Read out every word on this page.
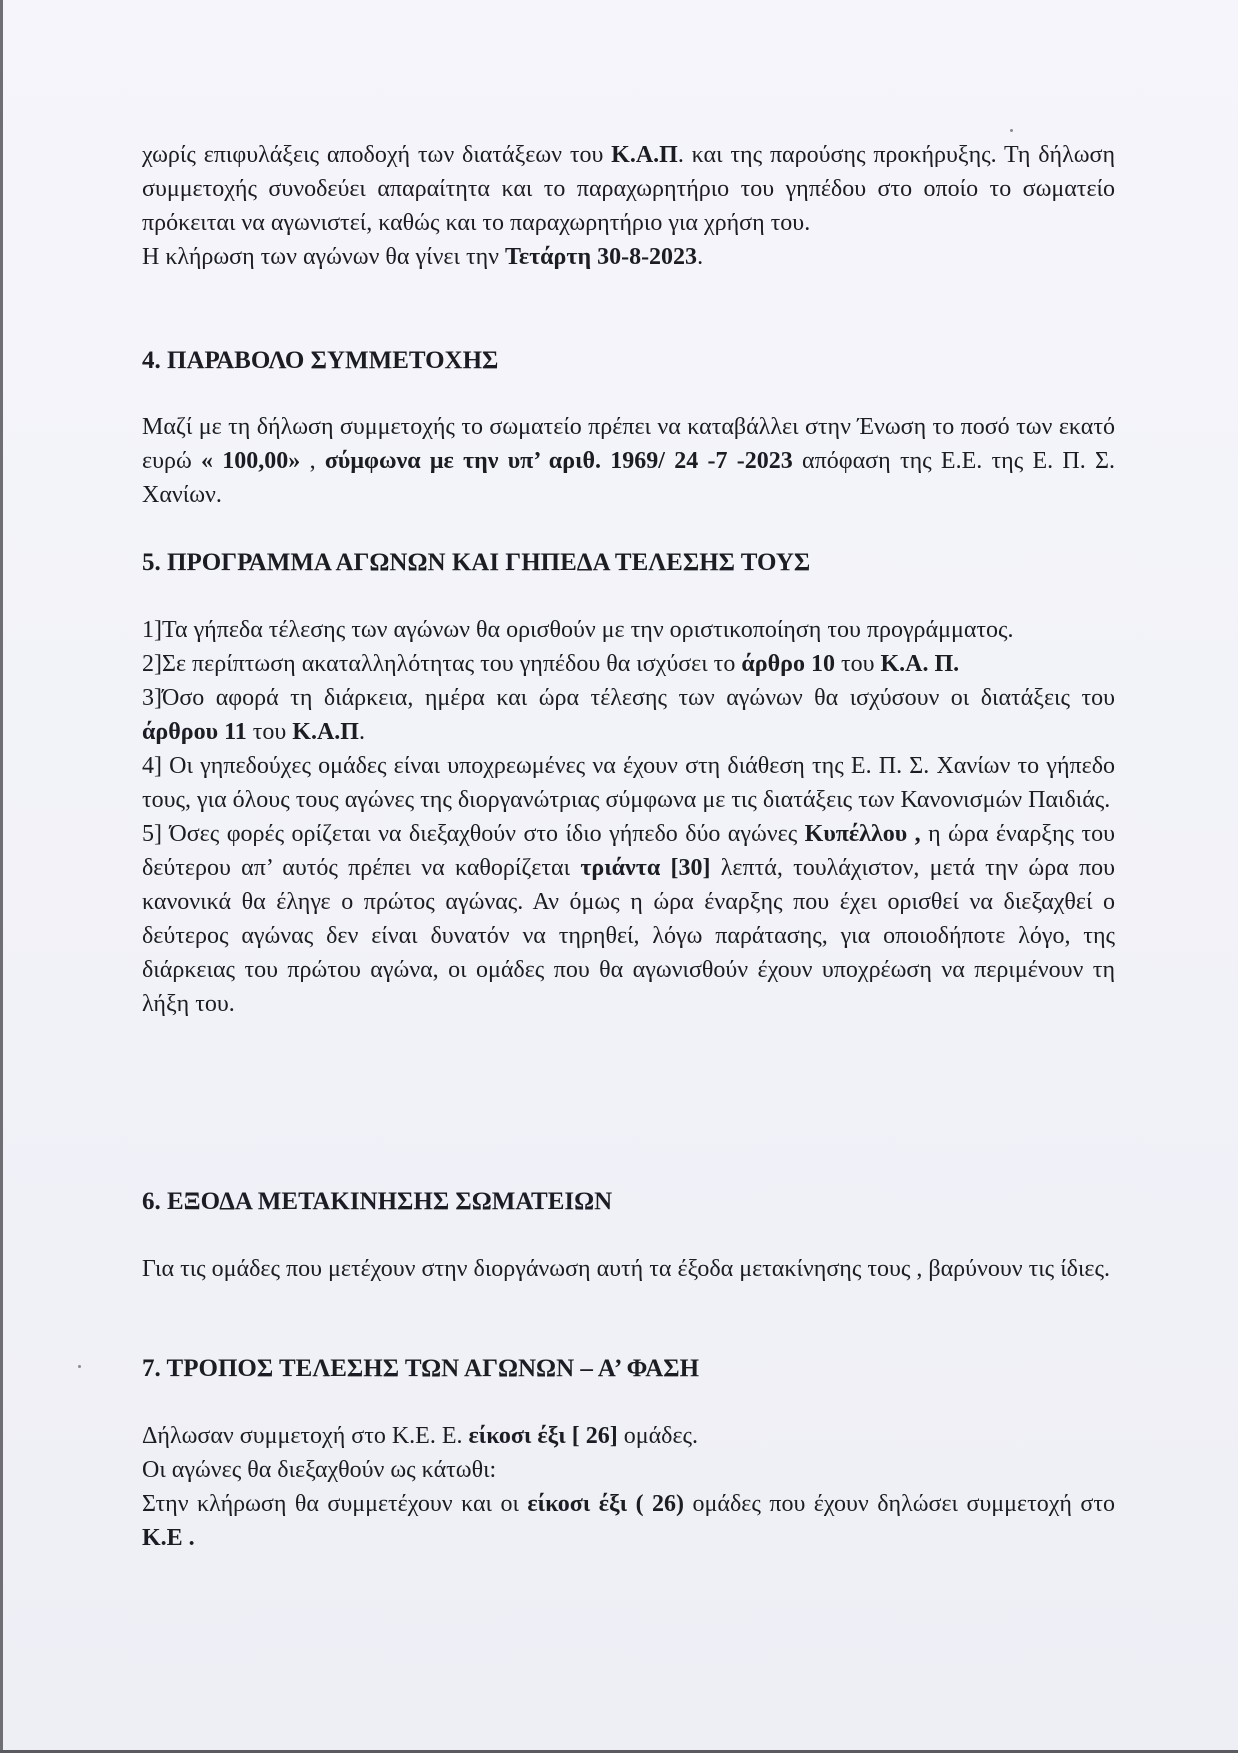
χωρίς επιφυλάξεις αποδοχή των διατάξεων του Κ.Α.Π. και της παρούσης προκήρυξης. Τη δήλωση συμμετοχής συνοδεύει απαραίτητα και το παραχωρητήριο του γηπέδου στο οποίο το σωματείο πρόκειται να αγωνιστεί, καθώς και το παραχωρητήριο για χρήση του.

Η κλήρωση των αγώνων θα γίνει την Τετάρτη 30-8-2023.

4. ΠΑΡΑΒΟΛΟ ΣΥΜΜΕΤΟΧΗΣ

Μαζί με τη δήλωση συμμετοχής το σωματείο πρέπει να καταβάλλει στην Ένωση το ποσό των εκατό ευρώ « 100,00» , σύμφωνα με την υπ’ αριθ. 1969/ 24 -7 -2023 απόφαση της Ε.Ε. της Ε. Π. Σ. Χανίων.

5. ΠΡΟΓΡΑΜΜΑ ΑΓΩΝΩΝ ΚΑΙ ΓΗΠΕΔΑ ΤΕΛΕΣΗΣ ΤΟΥΣ

1]Τα γήπεδα τέλεσης των αγώνων θα ορισθούν με την οριστικοποίηση του προγράμματος.

2]Σε περίπτωση ακαταλληλότητας του γηπέδου θα ισχύσει το άρθρο 10 του Κ.Α. Π.

3]Όσο αφορά τη διάρκεια, ημέρα και ώρα τέλεσης των αγώνων θα ισχύσουν οι διατάξεις του άρθρου 11 του Κ.Α.Π.

4] Οι γηπεδούχες ομάδες είναι υποχρεωμένες να έχουν στη διάθεση της Ε. Π. Σ. Χανίων το γήπεδο τους, για όλους τους αγώνες της διοργανώτριας σύμφωνα με τις διατάξεις των Κανονισμών Παιδιάς.

5] Όσες φορές ορίζεται να διεξαχθούν στο ίδιο γήπεδο δύο αγώνες Κυπέλλου , η ώρα έναρξης του δεύτερου απ’ αυτός πρέπει να καθορίζεται τριάντα [30] λεπτά, τουλάχιστον, μετά την ώρα που κανονικά θα έληγε ο πρώτος αγώνας. Αν όμως η ώρα έναρξης που έχει ορισθεί να διεξαχθεί ο δεύτερος αγώνας δεν είναι δυνατόν να τηρηθεί, λόγω παράτασης, για οποιοδήποτε λόγο, της διάρκειας του πρώτου αγώνα, οι ομάδες που θα αγωνισθούν έχουν υποχρέωση να περιμένουν τη λήξη του.

6. ΕΞΟΔΑ ΜΕΤΑΚΙΝΗΣΗΣ ΣΩΜΑΤΕΙΩΝ

Για τις ομάδες που μετέχουν στην διοργάνωση αυτή τα έξοδα μετακίνησης τους , βαρύνουν τις ίδιες.

7. ΤΡΟΠΟΣ ΤΕΛΕΣΗΣ ΤΩΝ ΑΓΩΝΩΝ – Α’ ΦΑΣΗ

Δήλωσαν συμμετοχή στο Κ.Ε. Ε. είκοσι έξι [ 26] ομάδες.

Οι αγώνες θα διεξαχθούν ως κάτωθι:

Στην κλήρωση θα συμμετέχουν και οι είκοσι έξι ( 26) ομάδες που έχουν δηλώσει συμμετοχή στο Κ.Ε .
